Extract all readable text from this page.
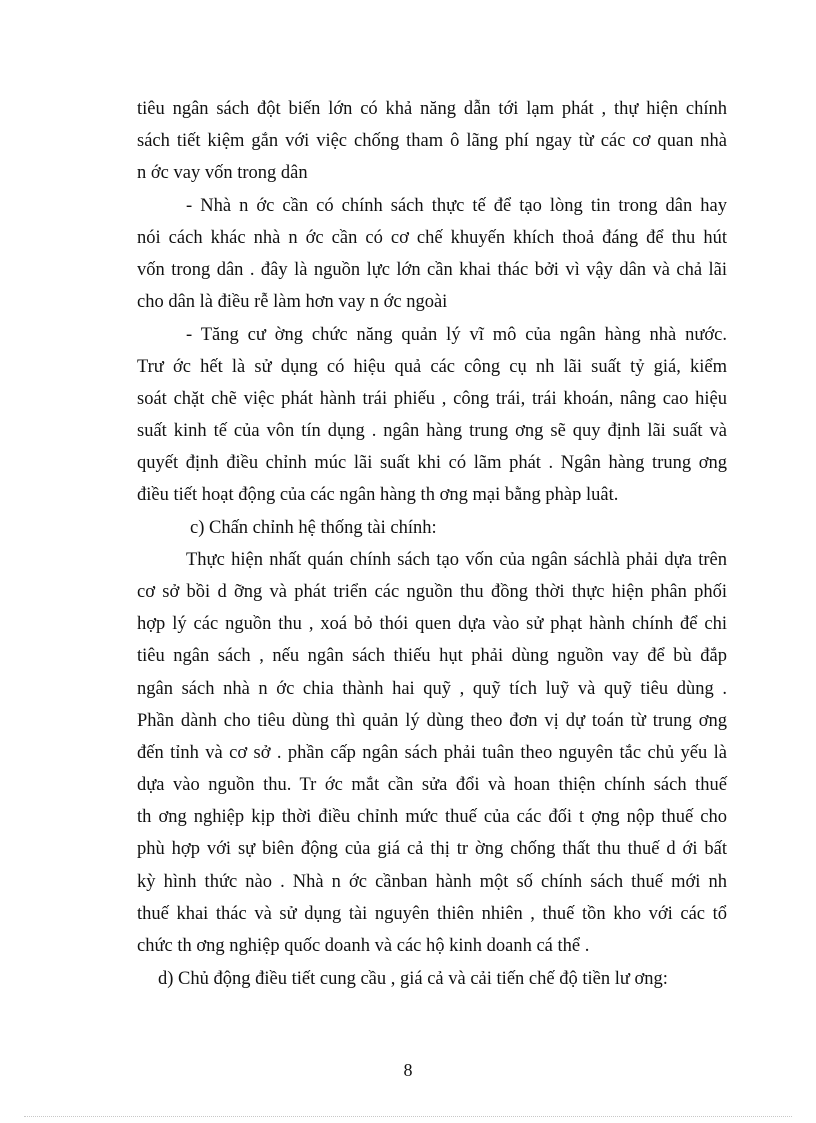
tiêu ngân sách đột biến lớn có khả năng dẫn tới lạm phát , thự hiện chính
sách tiết kiệm gắn với việc chống tham ô lãng phí ngay từ các cơ quan nhà
n ớc vay vốn trong dân
- Nhà n ớc cần có chính sách thực tế để tạo lòng tin trong dân hay
nói cách khác nhà n ớc cần có cơ chế khuyến khích thoả đáng để thu hút
vốn trong dân . đây là nguồn lực lớn cần khai thác bởi vì vậy dân và chả lãi
cho dân là điều rễ làm hơn vay n ớc ngoài
- Tăng cư ờng chức năng quản lý vĩ mô của ngân hàng nhà nước.
Trư ớc hết là sử dụng có hiệu quả các công cụ nh lãi suất tỷ giá, kiểm
soát chặt chẽ việc phát hành trái phiếu , công trái, trái khoán, nâng cao hiệu
suất kinh tế của vôn tín dụng . ngân hàng trung ơng sẽ quy định lãi suất và
quyết định điều chỉnh múc lãi suất khi có lãm phát . Ngân hàng trung ơng
điều tiết hoạt động của các ngân hàng th ơng mại bằng phàp luât.
c) Chấn chỉnh hệ thống tài chính:
Thực hiện nhất quán chính sách tạo vốn của ngân sáchlà phải dựa trên
cơ sở bồi d ỡng và phát triển các nguồn thu đồng thời thực hiện phân phối
hợp lý các nguồn thu , xoá bỏ thói quen dựa vào sử phạt hành chính để chi
tiêu ngân sách , nếu ngân sách thiếu hụt phải dùng nguồn vay để bù đắp
ngân sách nhà n ớc chia thành hai quỹ , quỹ tích luỹ và quỹ tiêu dùng .
Phần dành cho tiêu dùng thì quản lý dùng theo đơn vị dự toán từ trung ơng
đến tỉnh và cơ sở . phần cấp ngân sách phải tuân theo nguyên tắc chủ yếu là
dựa vào nguồn thu. Tr ớc mắt cần sửa đổi và hoan thiện chính sách thuế
th ơng nghiệp kịp thời điều chỉnh mức thuế của các đối t ợng nộp thuế cho
phù hợp với sự biên động của giá cả thị tr ờng chống thất thu thuế d ới bất
kỳ hình thức nào . Nhà n ớc cầnban hành một số chính sách thuế mới nh
thuế khai thác và sử dụng tài nguyên thiên nhiên , thuế tồn kho với các tổ
chức th ơng nghiệp quốc doanh và các hộ kinh doanh cá thể .
d) Chủ động điều tiết cung cầu , giá cả và cải tiến chế độ tiền lư ơng:
8
